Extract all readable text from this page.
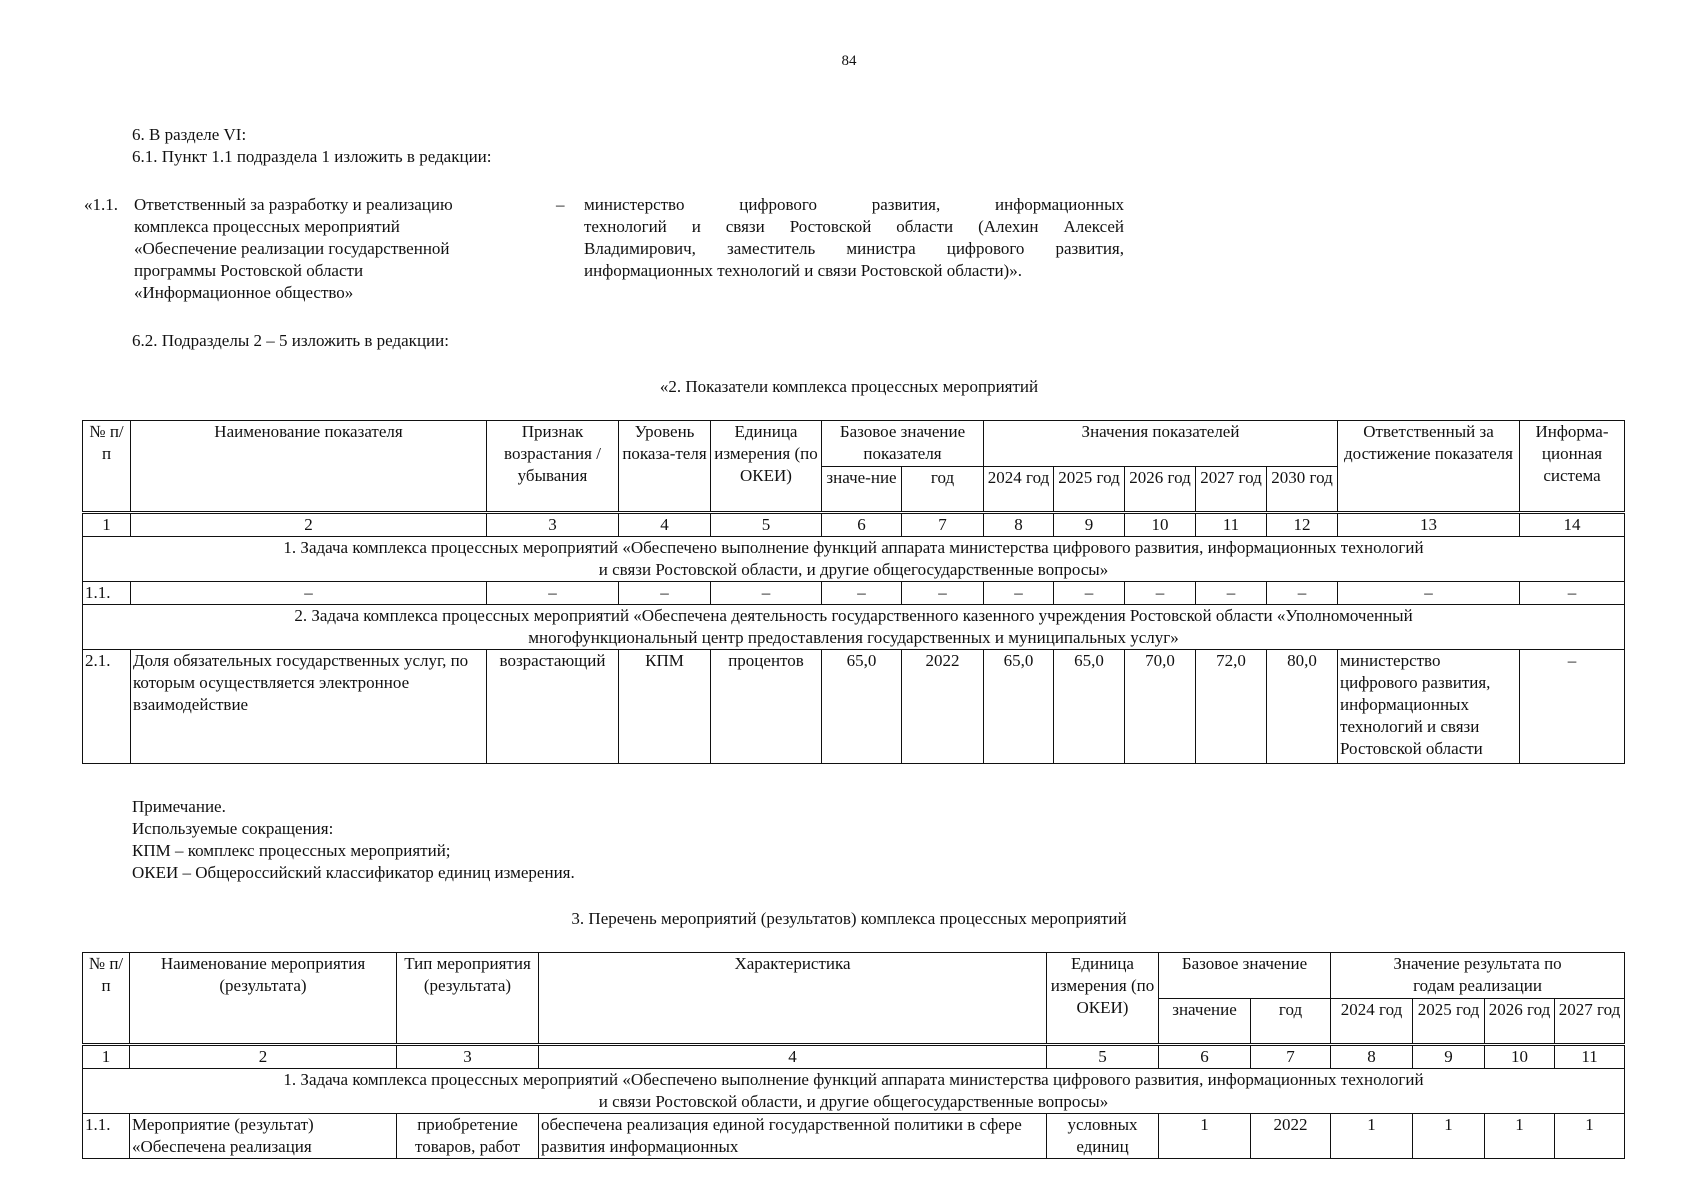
84
6. В разделе VI:
6.1. Пункт 1.1 подраздела 1 изложить в редакции:
«1.1. Ответственный за разработку и реализацию
комплекса процессных мероприятий
«Обеспечение реализации государственной
программы Ростовской области
«Информационное общество»
– министерство цифрового развития, информационных
технологий и связи Ростовской области (Алехин Алексей
Владимирович, заместитель министра цифрового развития,
информационных технологий и связи Ростовской области)».
6.2. Подразделы 2 – 5 изложить в редакции:
«2. Показатели комплекса процессных мероприятий
№ п/п	Наименование показателя	Признак возрастания / убывания	Уровень показа-теля	Единица измерения (по ОКЕИ)	Базовое значение показателя		Значения показателей					Ответственный за достижение показателя	Информа-ционная система
					значе-ние	год	2024 год	2025 год	2026 год	2027 год	2030 год		
1	2	3	4	5	6	7	8	9	10	11	12	13	14
1. Задача комплекса процессных мероприятий «Обеспечено выполнение функций аппарата министерства цифрового развития, информационных технологий и связи Ростовской области, и другие общегосударственные вопросы»													
1.1.	–	–	–	–	–	–	–	–	–	–	–	–	–
2. Задача комплекса процессных мероприятий «Обеспечена деятельность государственного казенного учреждения Ростовской области «Уполномоченный многофункциональный центр предоставления государственных и муниципальных услуг»													
2.1.	Доля обязательных государственных услуг, по которым осуществляется электронное взаимодействие	возрастающий	КПМ	процентов	65,0	2022	65,0	65,0	70,0	72,0	80,0	министерство цифрового развития, информационных технологий и связи Ростовской области	–
Примечание.
Используемые сокращения:
КПМ – комплекс процессных мероприятий;
ОКЕИ – Общероссийский классификатор единиц измерения.
3. Перечень мероприятий (результатов) комплекса процессных мероприятий
№ п/п	Наименование мероприятия (результата)	Тип мероприятия (результата)	Характеристика	Единица измерения (по ОКЕИ)	Базовое значение		Значение результата по годам реализации			
					значение	год	2024 год	2025 год	2026 год	2027 год
1	2	3	4	5	6	7	8	9	10	11
1. Задача комплекса процессных мероприятий «Обеспечено выполнение функций аппарата министерства цифрового развития, информационных технологий и связи Ростовской области, и другие общегосударственные вопросы»										
1.1.	Мероприятие (результат) «Обеспечена реализация	приобретение товаров, работ	обеспечена реализация единой государственной политики в сфере развития информационных	условных единиц	1	2022	1	1	1	1
